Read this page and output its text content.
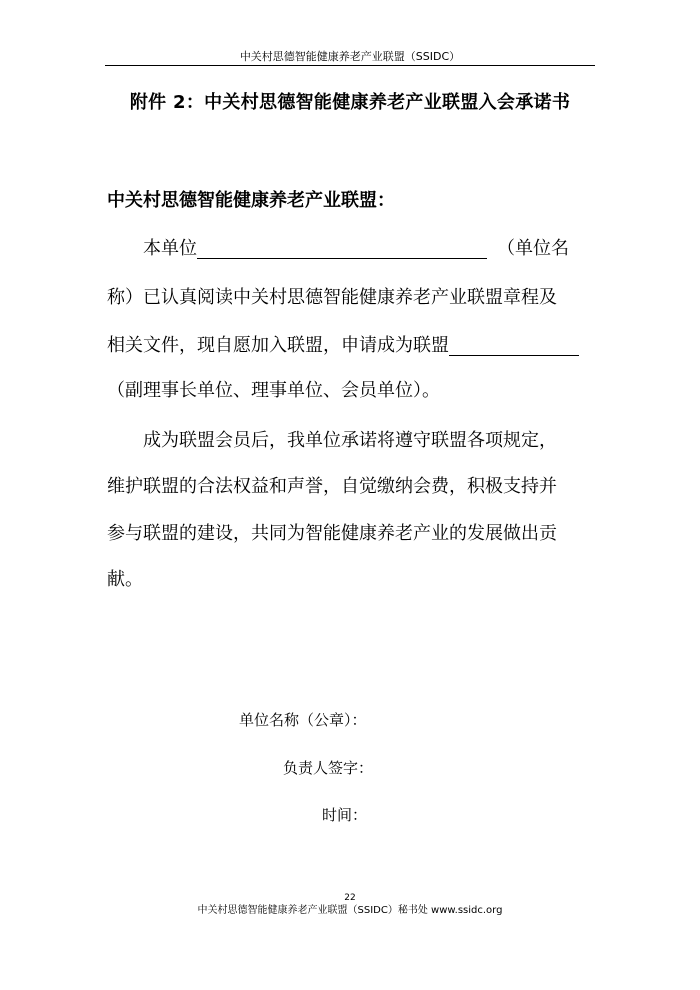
中关村思德智能健康养老产业联盟（SSIDC）
附件 2：中关村思德智能健康养老产业联盟入会承诺书
中关村思德智能健康养老产业联盟：
本单位	（单位名
称）已认真阅读中关村思德智能健康养老产业联盟章程及
相关文件，现自愿加入联盟，申请成为联盟
（副理事长单位、理事单位、会员单位）。
成为联盟会员后，我单位承诺将遵守联盟各项规定，
维护联盟的合法权益和声誉，自觉缴纳会费，积极支持并
参与联盟的建设，共同为智能健康养老产业的发展做出贡
献。
单位名称（公章）：
负责人签字：
时间：
22
中关村思德智能健康养老产业联盟（SSIDC）秘书处 www.ssidc.org
